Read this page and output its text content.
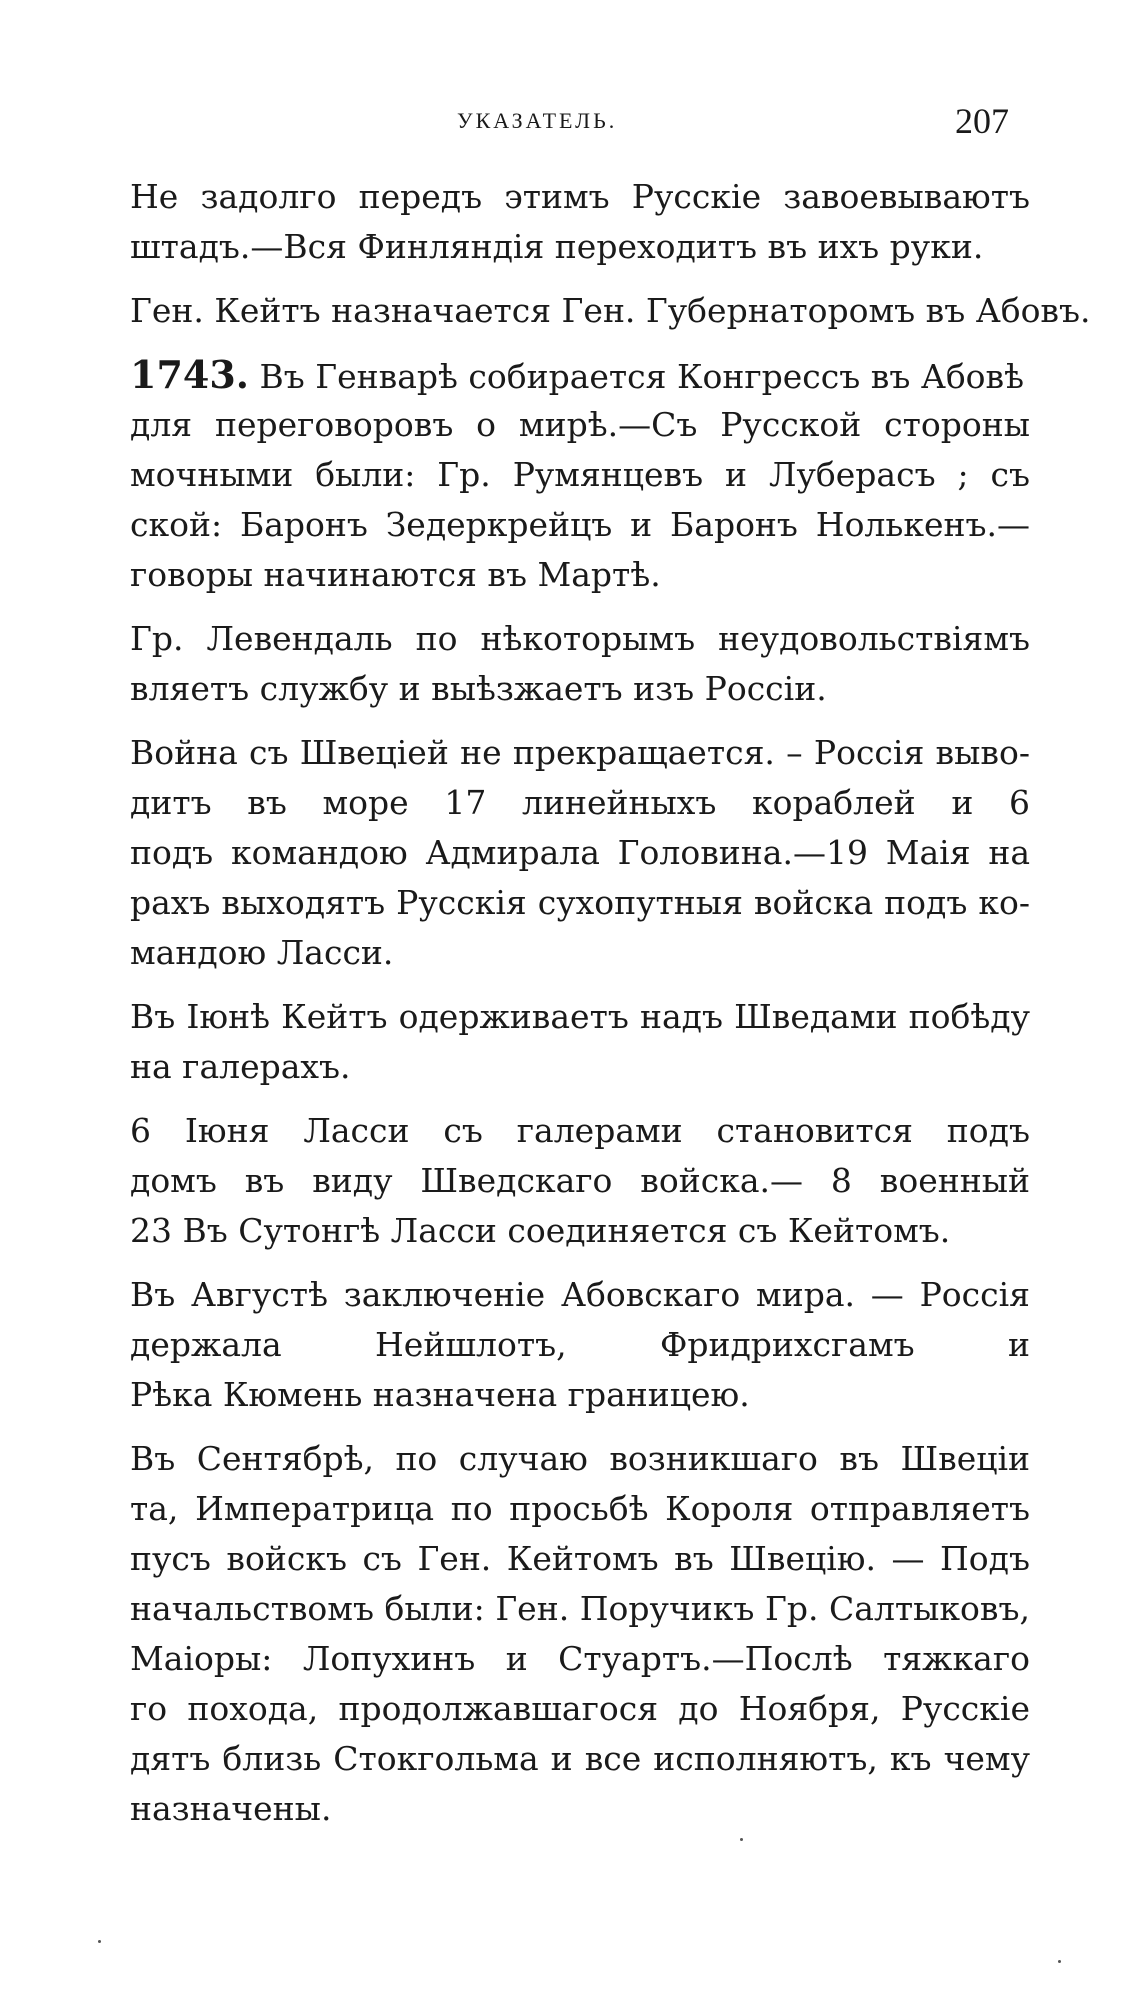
УКАЗАТЕЛЬ.	207
Не задолго передъ этимъ Русскіе завоевываютъ
штадъ.—Вся Финляндія переходитъ въ ихъ руки.
Ген. Кейтъ назначается Ген. Губернаторомъ въ Абовъ.
1743. Въ Генварѣ собирается Конгрессъ въ Абовѣ
для переговоровъ о мирѣ.—Съ Русской стороны
мочными были: Гр. Румянцевъ и Луберасъ ; съ
ской: Баронъ Зедеркрейцъ и Баронъ Нолькенъ.—
говоры начинаются въ Мартѣ.
Гр. Левендаль по нѣкоторымъ неудовольствіямъ
вляетъ службу и выѣзжаетъ изъ Россіи.
Война съ Швеціей не прекращается. – Россія выво-
дитъ въ море 17 линейныхъ кораблей и 6
подъ командою Адмирала Головина.—19 Маія на
рахъ выходятъ Русскія сухопутныя войска подъ ко-
мандою Ласси.
Въ Іюнѣ Кейтъ одерживаетъ надъ Шведами побѣду
на галерахъ.
6 Іюня Ласси съ галерами становится подъ
домъ въ виду Шведскаго войска.— 8 военный
23 Въ Сутонгѣ Ласси соединяется съ Кейтомъ.
Въ Августѣ заключеніе Абовскаго мира. — Россія
держала Нейшлотъ, Фридрихсгамъ и
Рѣка Кюмень назначена границею.
Въ Сентябрѣ, по случаю возникшаго въ Швеціи
та, Императрица по просьбѣ Короля отправляетъ
пусъ войскъ съ Ген. Кейтомъ въ Швецію. — Подъ
начальствомъ были: Ген. Поручикъ Гр. Салтыковъ,
Маіоры: Лопухинъ и Стуартъ.—Послѣ тяжкаго
го похода, продолжавшагося до Ноября, Русскіе
дятъ близь Стокгольма и все исполняютъ, къ чему
назначены.
